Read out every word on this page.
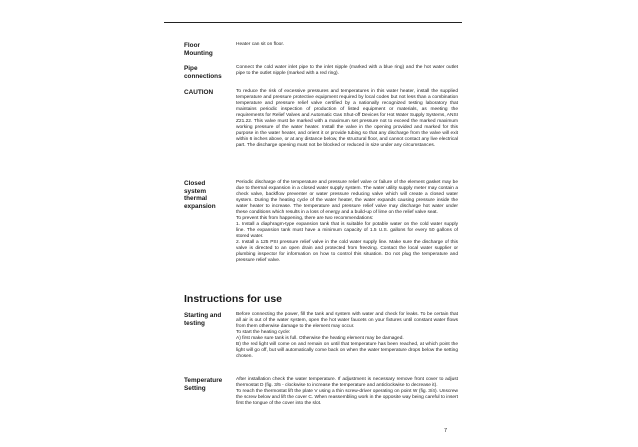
Floor
Mounting

Heater can sit on floor.

Pipe
connections

Connect the cold water inlet pipe to the inlet nipple (marked with a blue ring) and the hot water outlet pipe to the outlet nipple (marked with a red ring).

CAUTION	To reduce the risk of excessive pressures and temperatures in this water heater, install the supplied temperature and pressure protective equipment required by local codes but not less than a combination temperature and pressure relief valve certified by a nationally recognized testing laboratory that maintains periodic inspection of production of listed equipment or materials, as meeting the requirements for Relief Valves and Automatic Gas Shut-off Devices for Hot Water Supply Systems, ANSI Z21.22. This valve must be marked with a maximum set pressure not to exceed the marked maximum working pressure of the water heater. Install the valve in the opening provided and marked for this purpose in the water heater, and orient it or provide tubing so that any discharge from the valve will exit within 6 inches above, or at any distance below, the structural floor, and cannot contact any live electrical part. The discharge opening must not be blocked or reduced in size under any circumstances.

Closed
system
thermal
expansion

Periodic discharge of the temperature and pressure relief valve or failure of the element gasket may be due to thermal expansion in a closed water supply system. The water utility supply meter may contain a check valve, backflow preventer or water pressure reducing valve which will create a closed water system. During the heating cycle of the water heater, the water expands causing pressure inside the water heater to increase. The temperature and pressure relief valve may discharge hot water under these conditions which results in a loss of energy and a build-up of lime on the relief valve seat.

To prevent this from happening, there are two recommendations:

1. Install a diaphragm-type expansion tank that is suitable for potable water on the cold water supply line. The expansion tank must have a minimum capacity of 1.5 U.S. gallons for every 50 gallons of stored water.

2. Install a 125 PSI pressure relief valve in the cold water supply line. Make sure the discharge of this valve is directed to an open drain and protected from freezing. Contact the local water supplier or plumbing inspector for information on how to control this situation. Do not plug the temperature and pressure relief valve.

Instructions for use
Starting and
testing

Before connecting the power, fill the tank and system with water and check for leaks. To be certain that all air is out of the water system, open the hot water faucets on your fixtures until constant water flows from them otherwise damage to the element may occur.

To start the heating cycle:

A) first make sure tank is full. Otherwise the heating element may be damaged.

B) the red light will come on and remain on until that temperature has been reached, at which point the light will go off, but will automatically come back on when the water temperature drops below the setting chosen.

Temperature
Setting

After installation check the water temperature. If adjustment is necessary remove front cover to adjust thermostat D (fig. 3/5 - clockwise to increase the temperature and anticlockwise to decrease it).

To reach the thermostat lift the plate V using a thin screw-driver operating on point W (fig. 3/4). Unscrew the screw below and lift the cover C. When reassembling work in the opposite way being careful to insert first the tongue of the cover into the slot.

7
